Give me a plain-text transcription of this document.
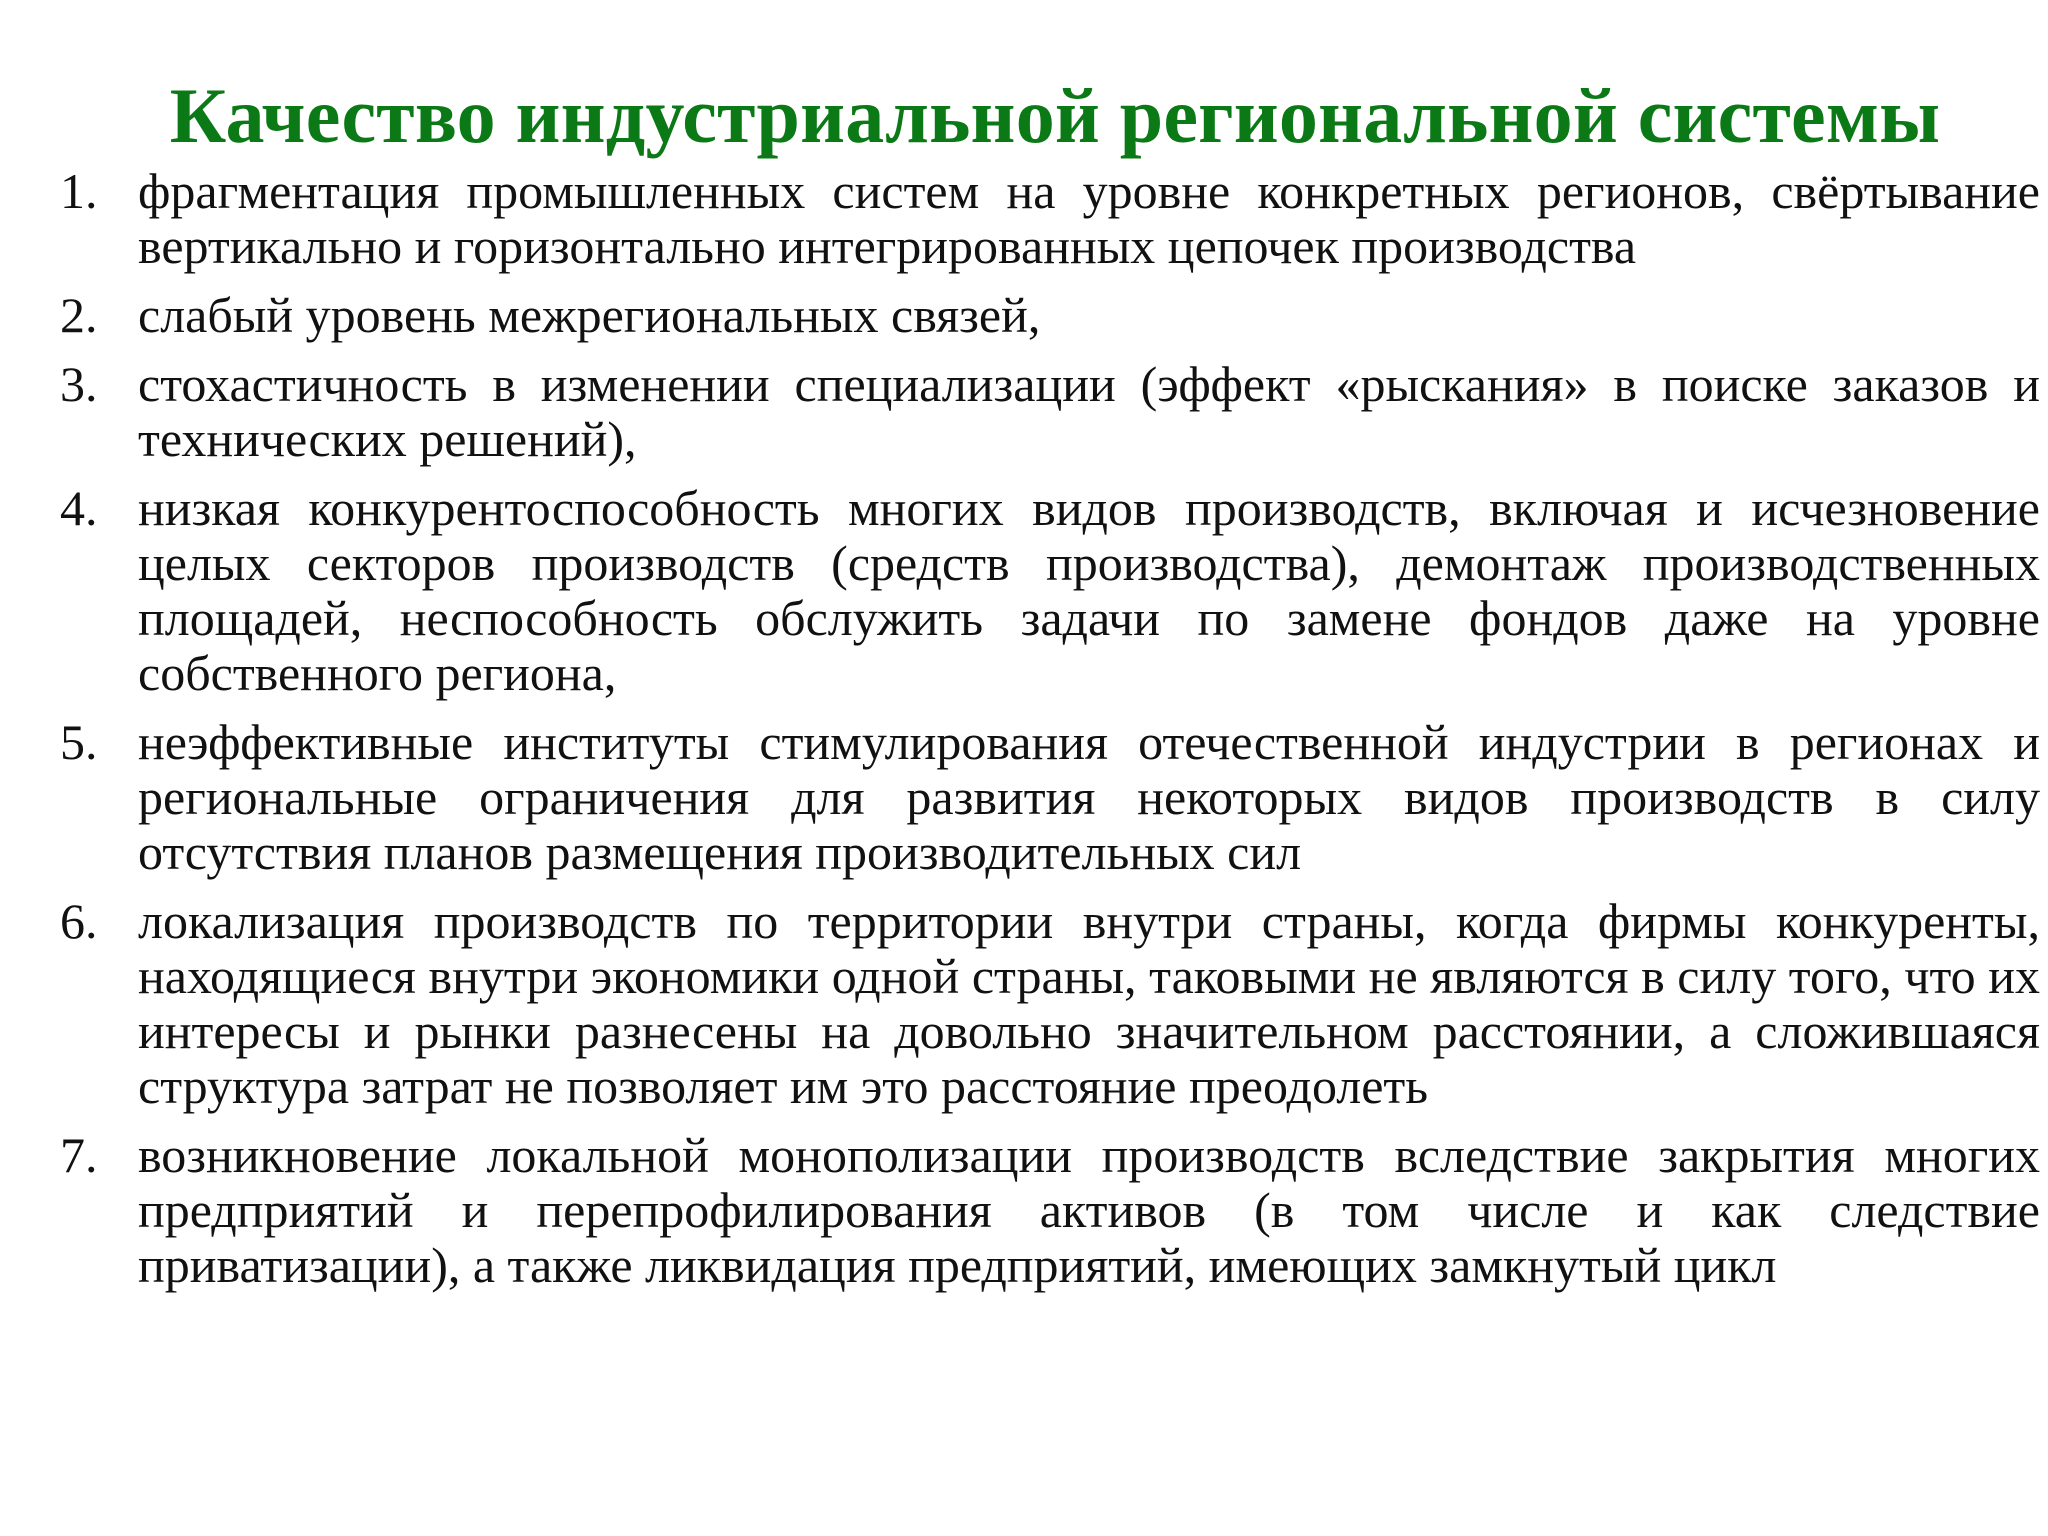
Качество индустриальной региональной системы
1. фрагментация промышленных систем на уровне конкретных регионов, свёртывание вертикально и горизонтально интегрированных цепочек производства
2. слабый уровень межрегиональных связей,
3. стохастичность в изменении специализации (эффект «рыскания» в поиске заказов и технических решений),
4. низкая конкурентоспособность многих видов производств, включая и исчезновение целых секторов производств (средств производства), демонтаж производственных площадей, неспособность обслужить задачи по замене фондов даже на уровне собственного региона,
5. неэффективные институты стимулирования отечественной индустрии в регионах и региональные ограничения для развития некоторых видов производств в силу отсутствия планов размещения производительных сил
6. локализация производств по территории внутри страны, когда фирмы конкуренты, находящиеся внутри экономики одной страны, таковыми не являются в силу того, что их интересы и рынки разнесены на довольно значительном расстоянии, а сложившаяся структура затрат не позволяет им это расстояние преодолеть
7. возникновение локальной монополизации производств вследствие закрытия многих предприятий и перепрофилирования активов (в том числе и как следствие приватизации), а также ликвидация предприятий, имеющих замкнутый цикл
